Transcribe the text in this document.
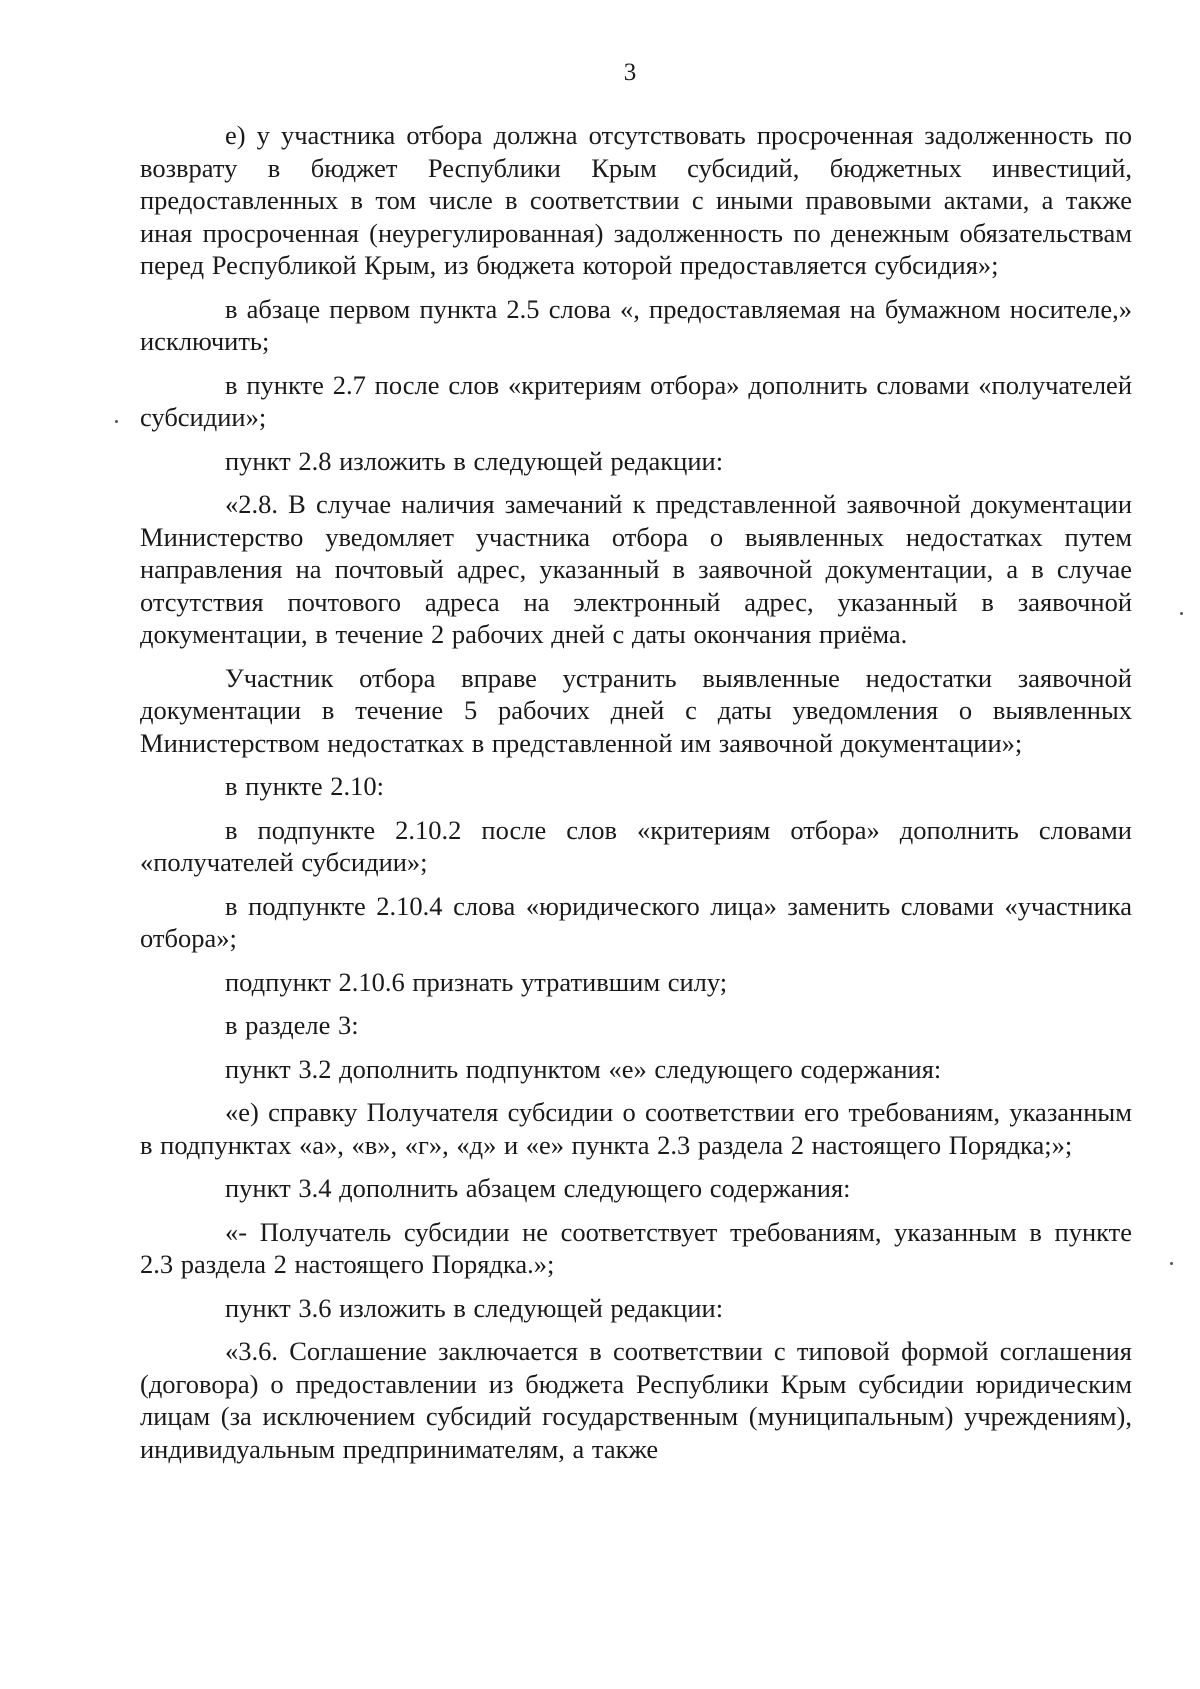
3

е) у участника отбора должна отсутствовать просроченная задолженность по возврату в бюджет Республики Крым субсидий, бюджетных инвестиций, предоставленных в том числе в соответствии с иными правовыми актами, а также иная просроченная (неурегулированная) задолженность по денежным обязательствам перед Республикой Крым, из бюджета которой предоставляется субсидия»;

в абзаце первом пункта 2.5 слова «, предоставляемая на бумажном носителе,» исключить;

в пункте 2.7 после слов «критериям отбора» дополнить словами «получателей субсидии»;

пункт 2.8 изложить в следующей редакции:

«2.8. В случае наличия замечаний к представленной заявочной документации Министерство уведомляет участника отбора о выявленных недостатках путем направления на почтовый адрес, указанный в заявочной документации, а в случае отсутствия почтового адреса на электронный адрес, указанный в заявочной документации, в течение 2 рабочих дней с даты окончания приёма.

Участник отбора вправе устранить выявленные недостатки заявочной документации в течение 5 рабочих дней с даты уведомления о выявленных Министерством недостатках в представленной им заявочной документации»;

в пункте 2.10:

в подпункте 2.10.2 после слов «критериям отбора» дополнить словами «получателей субсидии»;

в подпункте 2.10.4 слова «юридического лица» заменить словами «участника отбора»;

подпункт 2.10.6 признать утратившим силу;

в разделе 3:

пункт 3.2 дополнить подпунктом «е» следующего содержания:

«е) справку Получателя субсидии о соответствии его требованиям, указанным в подпунктах «а», «в», «г», «д» и «е» пункта 2.3 раздела 2 настоящего Порядка;»;

пункт 3.4 дополнить абзацем следующего содержания:

«- Получатель субсидии не соответствует требованиям, указанным в пункте 2.3 раздела 2 настоящего Порядка.»;

пункт 3.6 изложить в следующей редакции:

«3.6. Соглашение заключается в соответствии с типовой формой соглашения (договора) о предоставлении из бюджета Республики Крым субсидии юридическим лицам (за исключением субсидий государственным (муниципальным) учреждениям), индивидуальным предпринимателям, а также
